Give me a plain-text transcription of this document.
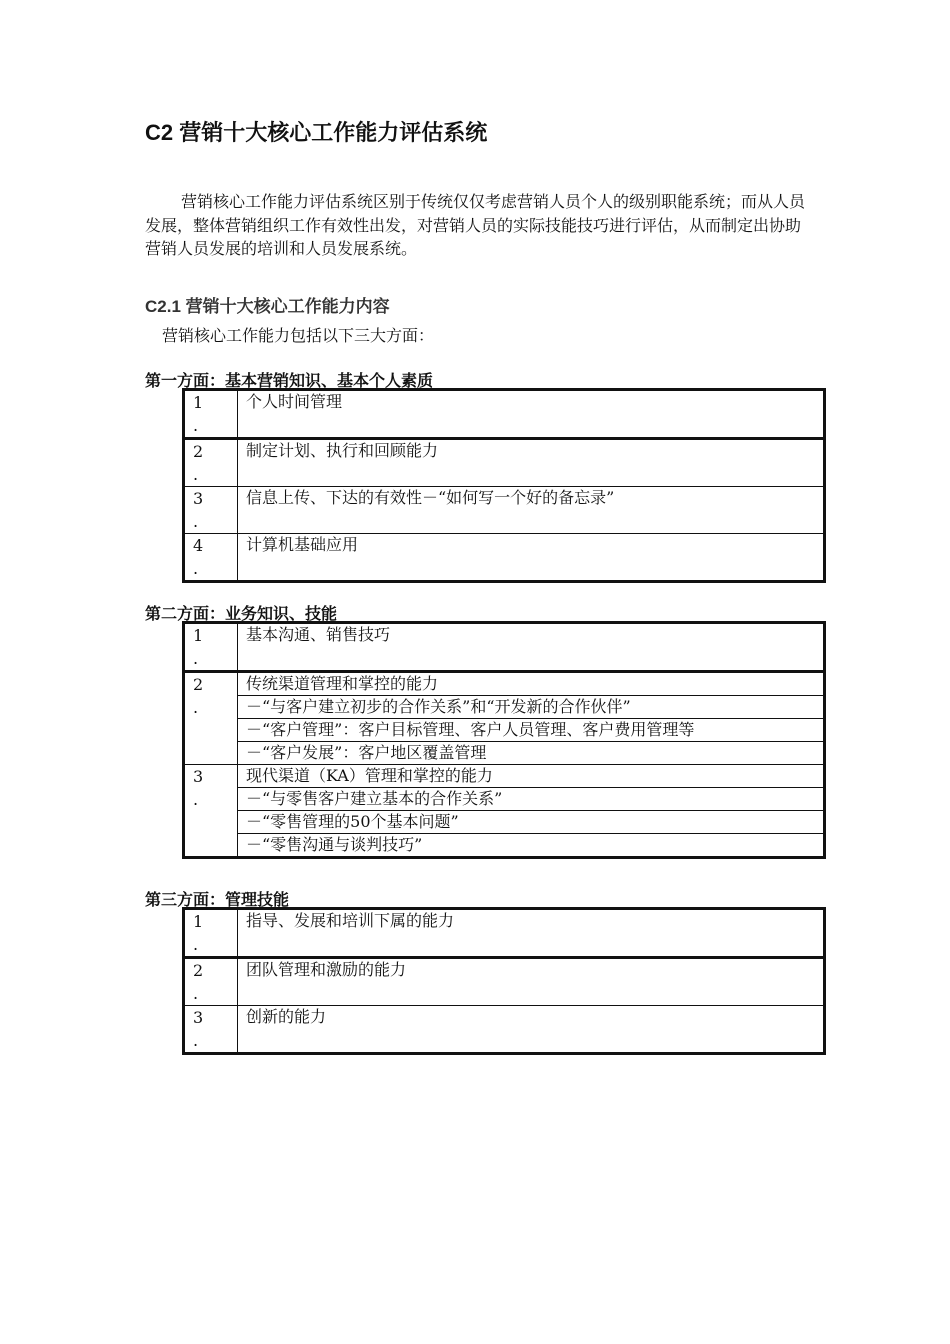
C2 营销十大核心工作能力评估系统
营销核心工作能力评估系统区别于传统仅仅考虑营销人员个人的级别职能系统；而从人员发展，整体营销组织工作有效性出发，对营销人员的实际技能技巧进行评估，从而制定出协助营销人员发展的培训和人员发展系统。
C2.1 营销十大核心工作能力内容
营销核心工作能力包括以下三大方面：
第一方面：基本营销知识、基本个人素质
1
.	个人时间管理

2
.	制定计划、执行和回顾能力

3
.	信息上传、下达的有效性－“如何写一个好的备忘录”

4
.	计算机基础应用
第二方面：业务知识、技能
1
.	基本沟通、销售技巧

2
.	传统渠道管理和掌控的能力
	－“与客户建立初步的合作关系”和“开发新的合作伙伴”
	－“客户管理”：客户目标管理、客户人员管理、客户费用管理等
	－“客户发展”：客户地区覆盖管理

3
.	现代渠道（KA）管理和掌控的能力
	－“与零售客户建立基本的合作关系”
	－“零售管理的50个基本问题”
	－“零售沟通与谈判技巧”
第三方面：管理技能
1
.	指导、发展和培训下属的能力

2
.	团队管理和激励的能力

3
.	创新的能力
